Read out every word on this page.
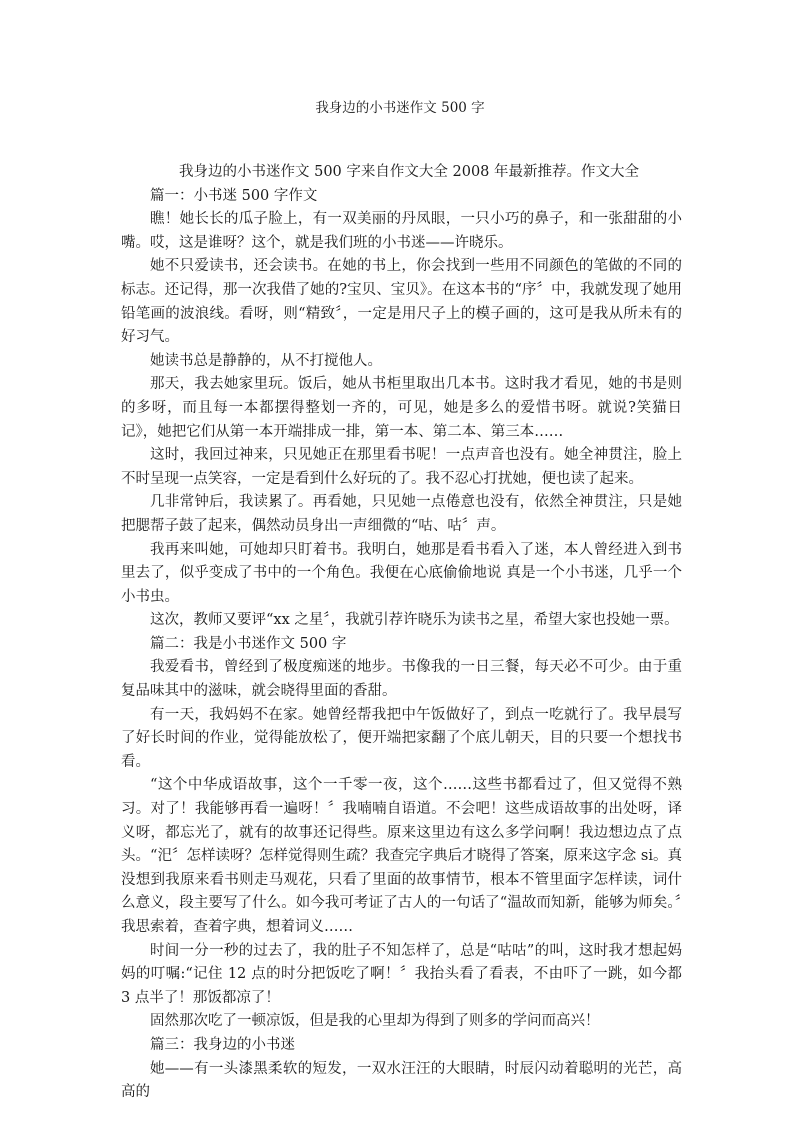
我身边的小书迷作文 500 字

我身边的小书迷作文 500 字来自作文大全 2008 年最新推荐。作文大全

篇一：小书迷 500 字作文

瞧！她长长的瓜子脸上，有一双美丽的丹凤眼，一只小巧的鼻子，和一张甜甜的小嘴。哎，这是谁呀？这个，就是我们班的小书迷——许晓乐。

她不只爱读书，还会读书。在她的书上，你会找到一些用不同颜色的笔做的不同的标志。还记得，那一次我借了她的?宝贝、宝贝》。在这本书的“序〞中，我就发现了她用铅笔画的波浪线。看呀，则“精致〞，一定是用尺子上的模子画的，这可是我从所未有的好习气。

她读书总是静静的，从不打搅他人。

那天，我去她家里玩。饭后，她从书柜里取出几本书。这时我才看见，她的书是则的多呀，而且每一本都摆得整划一齐的，可见，她是多么的爱惜书呀。就说?笑猫日记》，她把它们从第一本开端排成一排，第一本、第二本、第三本……

这时，我回过神来，只见她正在那里看书呢！一点声音也没有。她全神贯注，脸上不时呈现一点笑容，一定是看到什么好玩的了。我不忍心打扰她，便也读了起来。

几非常钟后，我读累了。再看她，只见她一点倦意也没有，依然全神贯注，只是她把腮帮子鼓了起来，偶然动员身出一声细微的“咕、咕〞声。

我再来叫她，可她却只盯着书。我明白，她那是看书看入了迷，本人曾经进入到书里去了，似乎变成了书中的一个角色。我便在心底偷偷地说 真是一个小书迷，几乎一个小书虫。

这次，教师又要评“xx 之星〞，我就引荐许晓乐为读书之星，希望大家也投她一票。

篇二：我是小书迷作文 500 字

我爱看书，曾经到了极度痴迷的地步。书像我的一日三餐，每天必不可少。由于重复品味其中的滋味，就会晓得里面的香甜。

有一天，我妈妈不在家。她曾经帮我把中午饭做好了，到点一吃就行了。我早晨写了好长时间的作业，觉得能放松了，便开端把家翻了个底儿朝天，目的只要一个想找书看。

“这个中华成语故事，这个一千零一夜，这个……这些书都看过了，但又觉得不熟习。对了！我能够再看一遍呀！〞我喃喃自语道。不会吧！这些成语故事的出处呀，译义呀，都忘光了，就有的故事还记得些。原来这里边有这么多学问啊！我边想边点了点头。“汜〞怎样读呀？怎样觉得则生疏？我查完字典后才晓得了答案，原来这字念 si。真没想到我原来看书则走马观花，只看了里面的故事情节，根本不管里面字怎样读，词什么意义，段主要写了什么。如今我可考证了古人的一句话了“温故而知新，能够为师矣。〞我思索着，查着字典，想着词义……

时间一分一秒的过去了，我的肚子不知怎样了，总是“咕咕”的叫，这时我才想起妈妈的叮嘱:“记住 12 点的时分把饭吃了啊！〞我抬头看了看表，不由吓了一跳，如今都 3 点半了！那饭都凉了！

固然那次吃了一顿凉饭，但是我的心里却为得到了则多的学问而高兴！

篇三：我身边的小书迷

她——有一头漆黑柔软的短发，一双水汪汪的大眼睛，时辰闪动着聪明的光芒，高高的
